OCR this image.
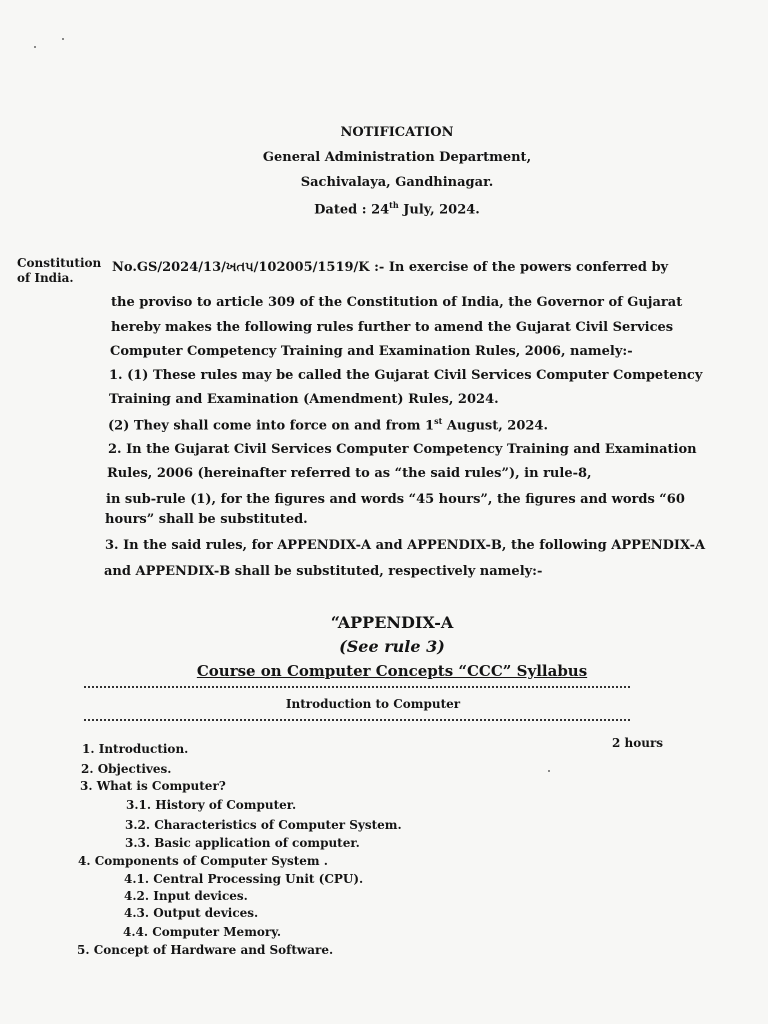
NOTIFICATION
General Administration Department,
Sachivalaya, Gandhinagar.
Dated : 24th July, 2024.
Constitution
of India.
No.GS/2024/13/ખતપ/102005/1519/K :- In exercise of the powers conferred by
the proviso to article 309 of the Constitution of India, the Governor of Gujarat
hereby makes the following rules further to amend the Gujarat Civil Services
Computer Competency Training and Examination Rules, 2006, namely:-
1. (1) These rules may be called the Gujarat Civil Services Computer Competency
Training and Examination (Amendment) Rules, 2024.
(2) They shall come into force on and from 1st August, 2024.
2. In the Gujarat Civil Services Computer Competency Training and Examination
Rules, 2006 (hereinafter referred to as “the said rules”), in rule-8,
in sub-rule (1), for the figures and words “45 hours”, the figures and words “60
hours” shall be substituted.
3. In the said rules, for APPENDIX-A and APPENDIX-B, the following APPENDIX-A
and APPENDIX-B shall be substituted, respectively namely:-
“APPENDIX-A
(See rule 3)
Course on Computer Concepts “CCC” Syllabus
Introduction to Computer
2 hours
1. Introduction.
2. Objectives.
3. What is Computer?
3.1. History of Computer.
3.2. Characteristics of Computer System.
3.3. Basic application of computer.
4. Components of Computer System .
4.1. Central Processing Unit (CPU).
4.2. Input devices.
4.3. Output devices.
4.4. Computer Memory.
5. Concept of Hardware and Software.
